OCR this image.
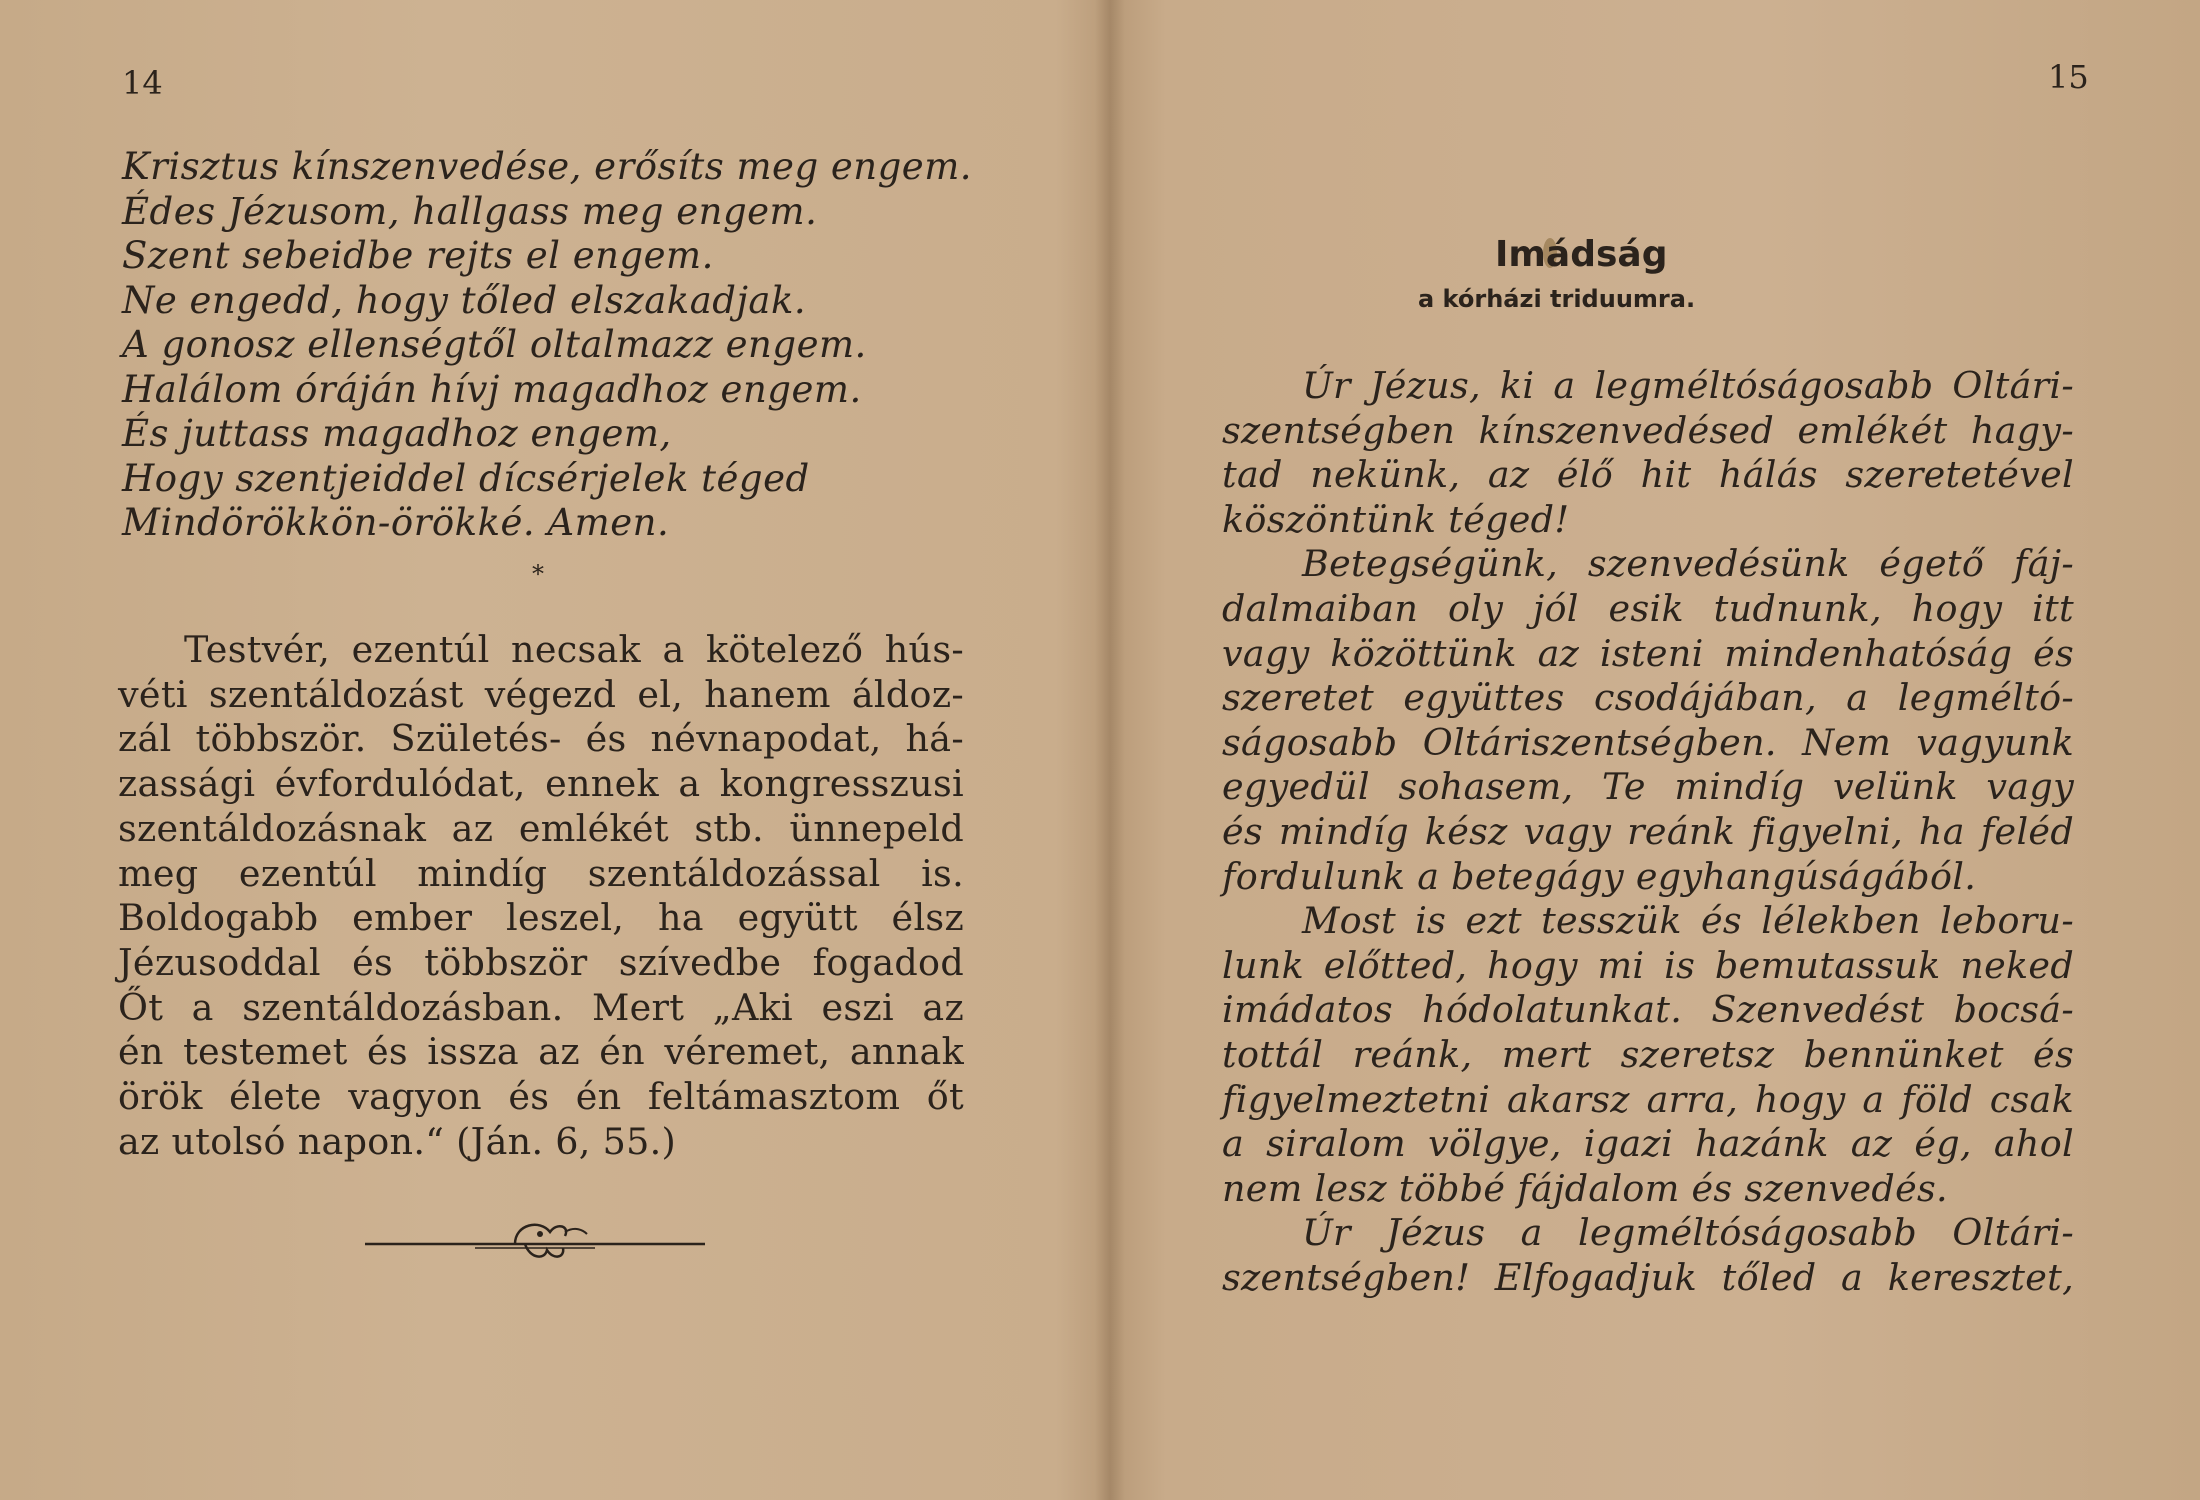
14
Krisztus kínszenvedése, erősíts meg engem.
Édes Jézusom, hallgass meg engem.
Szent sebeidbe rejts el engem.
Ne engedd, hogy tőled elszakadjak.
A gonosz ellenségtől oltalmazz engem.
Halálom óráján hívj magadhoz engem.
És juttass magadhoz engem,
Hogy szentjeiddel dícsérjelek téged
Mindörökkön-örökké. Amen.
*
Testvér, ezentúl necsak a kötelező hús-
véti szentáldozást végezd el, hanem áldoz-
zál többször. Születés- és névnapodat, há-
zassági évfordulódat, ennek a kongresszusi
szentáldozásnak az emlékét stb. ünnepeld
meg ezentúl mindíg szentáldozással is.
Boldogabb ember leszel, ha együtt élsz
Jézusoddal és többször szívedbe fogadod
Őt a szentáldozásban. Mert „Aki eszi az
én testemet és issza az én véremet, annak
örök élete vagyon és én feltámasztom őt
az utolsó napon.“ (Ján. 6, 55.)
15
Imádság
a kórházi triduumra.
Úr Jézus, ki a legméltóságosabb Oltári-
szentségben kínszenvedésed emlékét hagy-
tad nekünk, az élő hit hálás szeretetével
köszöntünk téged!
Betegségünk, szenvedésünk égető fáj-
dalmaiban oly jól esik tudnunk, hogy itt
vagy közöttünk az isteni mindenhatóság és
szeretet együttes csodájában, a legméltó-
ságosabb Oltáriszentségben. Nem vagyunk
egyedül sohasem, Te mindíg velünk vagy
és mindíg kész vagy reánk figyelni, ha feléd
fordulunk a betegágy egyhangúságából.
Most is ezt tesszük és lélekben leboru-
lunk előtted, hogy mi is bemutassuk neked
imádatos hódolatunkat. Szenvedést bocsá-
tottál reánk, mert szeretsz bennünket és
figyelmeztetni akarsz arra, hogy a föld csak
a siralom völgye, igazi hazánk az ég, ahol
nem lesz többé fájdalom és szenvedés.
Úr Jézus a legméltóságosabb Oltári-
szentségben! Elfogadjuk tőled a keresztet,
